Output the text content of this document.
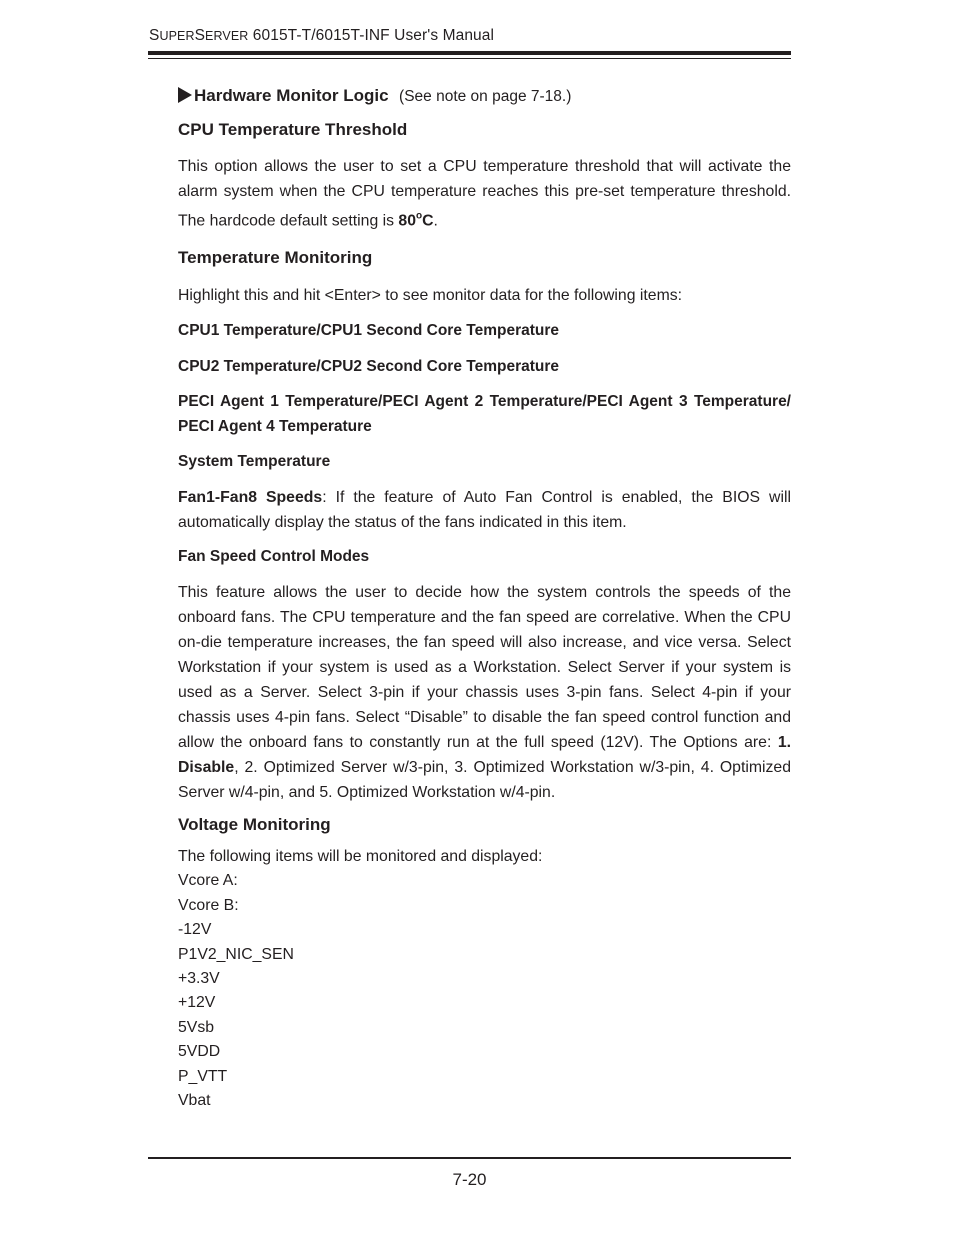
SUPERSERVER 6015T-T/6015T-INF User's Manual
Hardware Monitor Logic (See note on page 7-18.)
CPU Temperature Threshold
This option allows the user to set a CPU temperature threshold that will activate the alarm system when the CPU temperature reaches this pre-set temperature threshold. The hardcode default setting is 80$^o$C.
Temperature Monitoring
Highlight this and hit <Enter> to see monitor data for the following items:
CPU1 Temperature/CPU1 Second Core Temperature
CPU2 Temperature/CPU2 Second Core Temperature
PECI Agent 1 Temperature/PECI Agent 2 Temperature/PECI Agent 3 Temperature/ PECI Agent 4 Temperature
System Temperature
Fan1-Fan8 Speeds: If the feature of Auto Fan Control is enabled, the BIOS will automatically display the status of the fans indicated in this item.
Fan Speed Control Modes
This feature allows the user to decide how the system controls the speeds of the onboard fans. The CPU temperature and the fan speed are correlative. When the CPU on-die temperature increases, the fan speed will also increase, and vice versa. Select Workstation if your system is used as a Workstation. Select Server if your system is used as a Server. Select 3-pin if your chassis uses 3-pin fans. Select 4-pin if your chassis uses 4-pin fans. Select “Disable” to disable the fan speed control function and allow the onboard fans to constantly run at the full speed (12V). The Options are: 1. Disable, 2. Optimized Server w/3-pin, 3. Optimized Workstation w/3-pin, 4. Optimized Server w/4-pin, and 5. Optimized Workstation w/4-pin.
Voltage Monitoring
The following items will be monitored and displayed:
Vcore A:
Vcore B:
-12V
P1V2_NIC_SEN
+3.3V
+12V
5Vsb
5VDD
P_VTT
Vbat
7-20
